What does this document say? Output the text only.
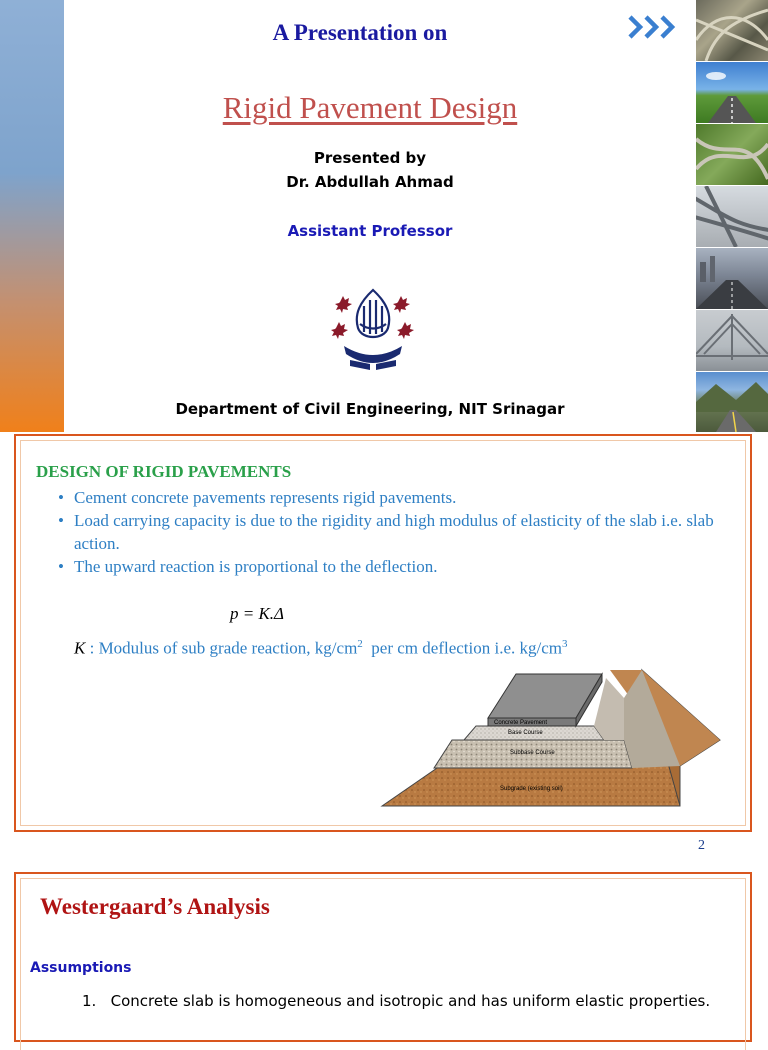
A Presentation on
Rigid Pavement Design
Presented by
Dr. Abdullah Ahmad
Assistant Professor
Department of Civil Engineering, NIT Srinagar
DESIGN OF RIGID PAVEMENTS
• Cement concrete pavements represents rigid pavements.
• Load carrying capacity is due to the rigidity and high modulus of elasticity of the slab i.e. slab action.
• The upward reaction is proportional to the deflection.
p = K.Δ
K : Modulus of sub grade reaction, $kg/cm^2$  per cm deflection i.e. $kg/cm^3$
Concrete Pavement
Base Course
Subbase Course
Subgrade (existing soil)
2
Westergaard’s Analysis
Assumptions
1.   Concrete slab is homogeneous and isotropic and has uniform elastic properties.
